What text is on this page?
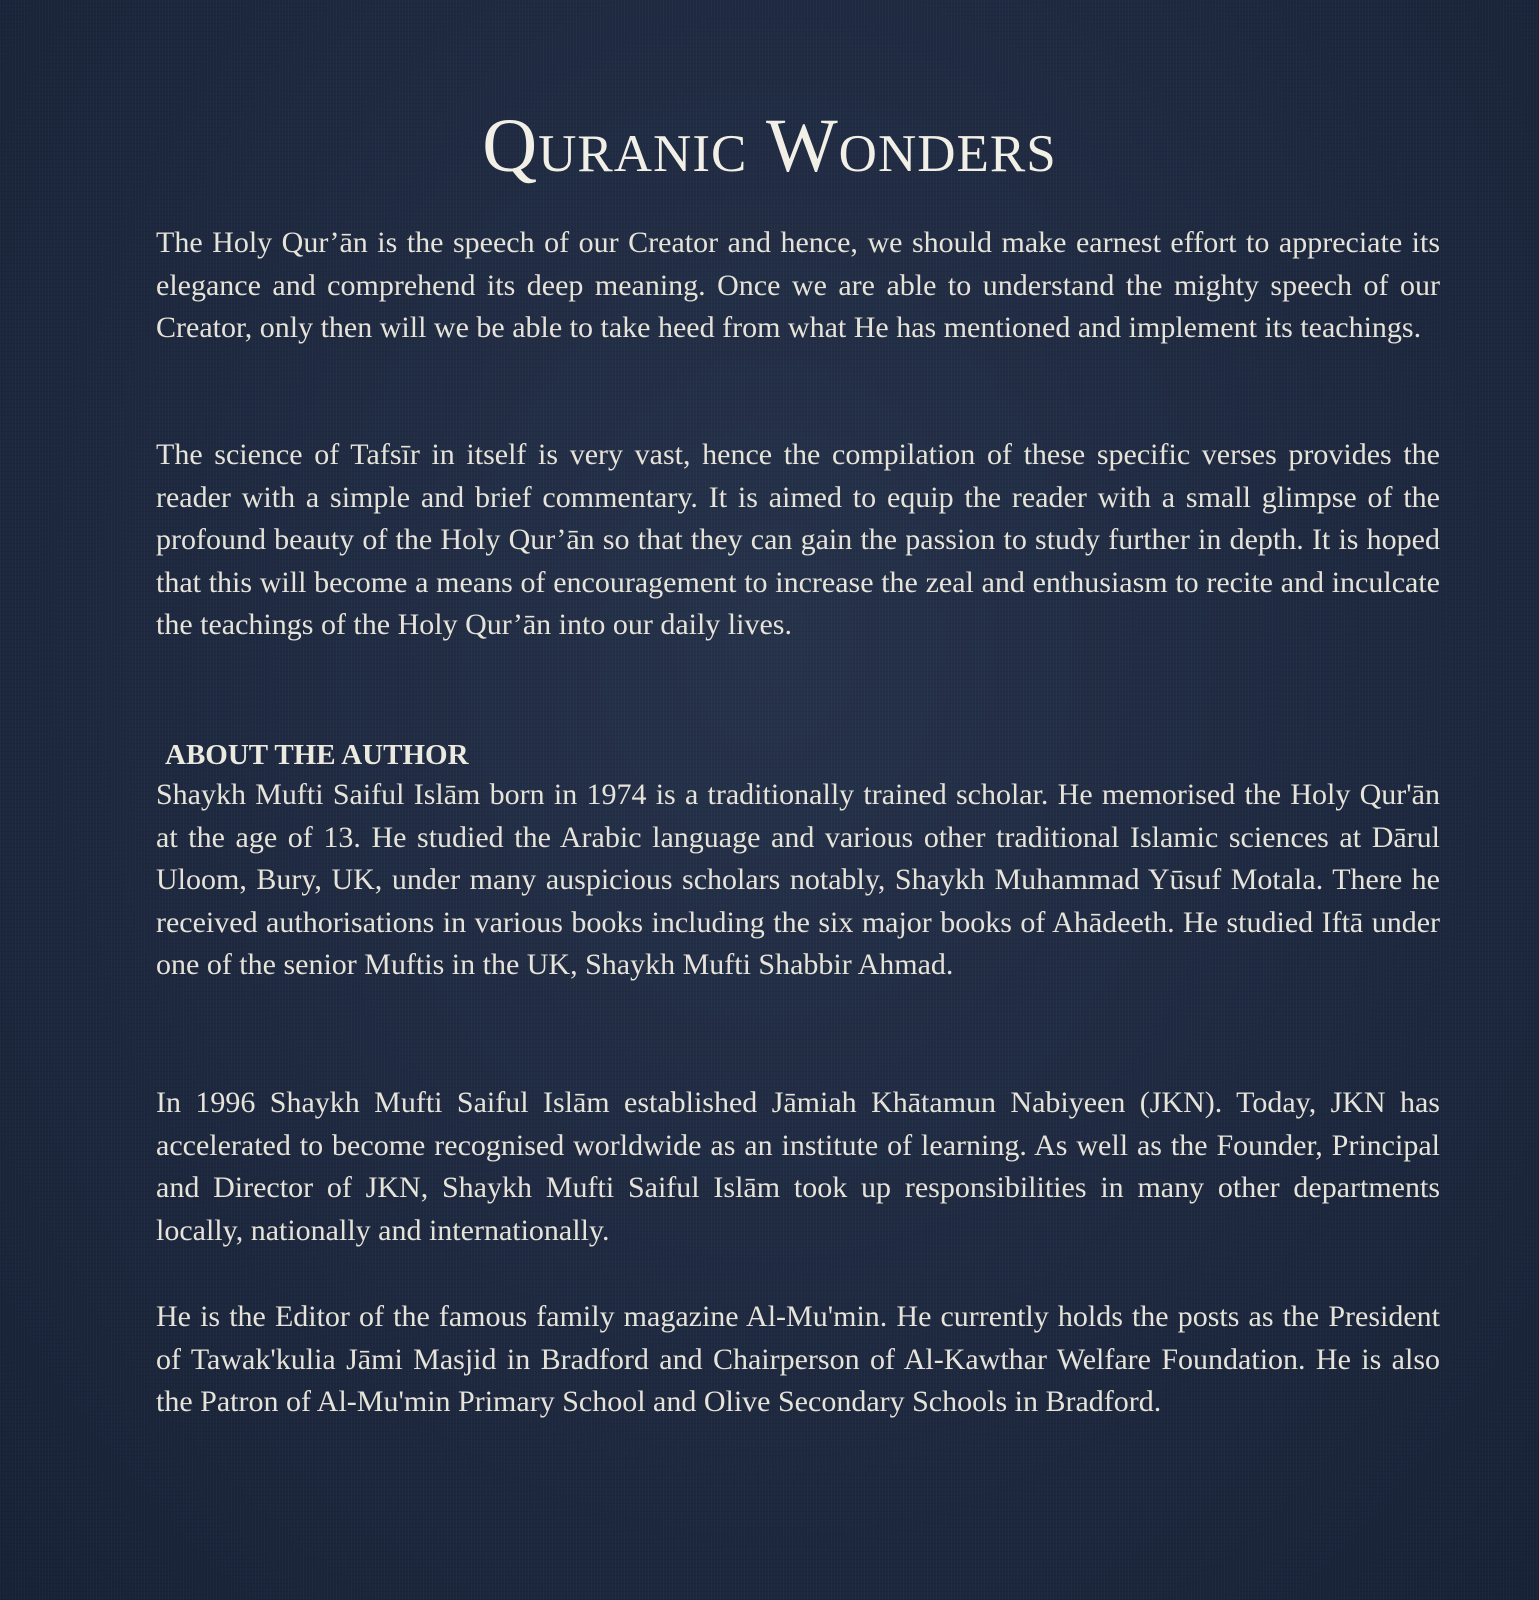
Quranic Wonders

The Holy Qur’ān is the speech of our Creator and hence, we should make earnest effort to appreciate its elegance and comprehend its deep meaning. Once we are able to understand the mighty speech of our Creator, only then will we be able to take heed from what He has mentioned and implement its teachings.

The science of Tafsīr in itself is very vast, hence the compilation of these specific verses provides the reader with a simple and brief commentary. It is aimed to equip the reader with a small glimpse of the profound beauty of the Holy Qur’ān so that they can gain the passion to study further in depth. It is hoped that this will become a means of encouragement to increase the zeal and enthusiasm to recite and inculcate the teachings of the Holy Qur’ān into our daily lives.

ABOUT THE AUTHOR

Shaykh Mufti Saiful Islām born in 1974 is a traditionally trained scholar. He memorised the Holy Qur'ān at the age of 13. He studied the Arabic language and various other traditional Islamic sciences at Dārul Uloom, Bury, UK, under many auspicious scholars notably, Shaykh Muhammad Yūsuf Motala. There he received authorisations in various books including the six major books of Ahādeeth. He studied Iftā under one of the senior Muftis in the UK, Shaykh Mufti Shabbir Ahmad.

In 1996 Shaykh Mufti Saiful Islām established Jāmiah Khātamun Nabiyeen (JKN). Today, JKN has accelerated to become recognised worldwide as an institute of learning. As well as the Founder, Principal and Director of JKN, Shaykh Mufti Saiful Islām took up responsibilities in many other departments locally, nationally and internationally.

He is the Editor of the famous family magazine Al-Mu'min. He currently holds the posts as the President of Tawak'kulia Jāmi Masjid in Bradford and Chairperson of Al-Kawthar Welfare Foundation. He is also the Patron of Al-Mu'min Primary School and Olive Secondary Schools in Bradford.
